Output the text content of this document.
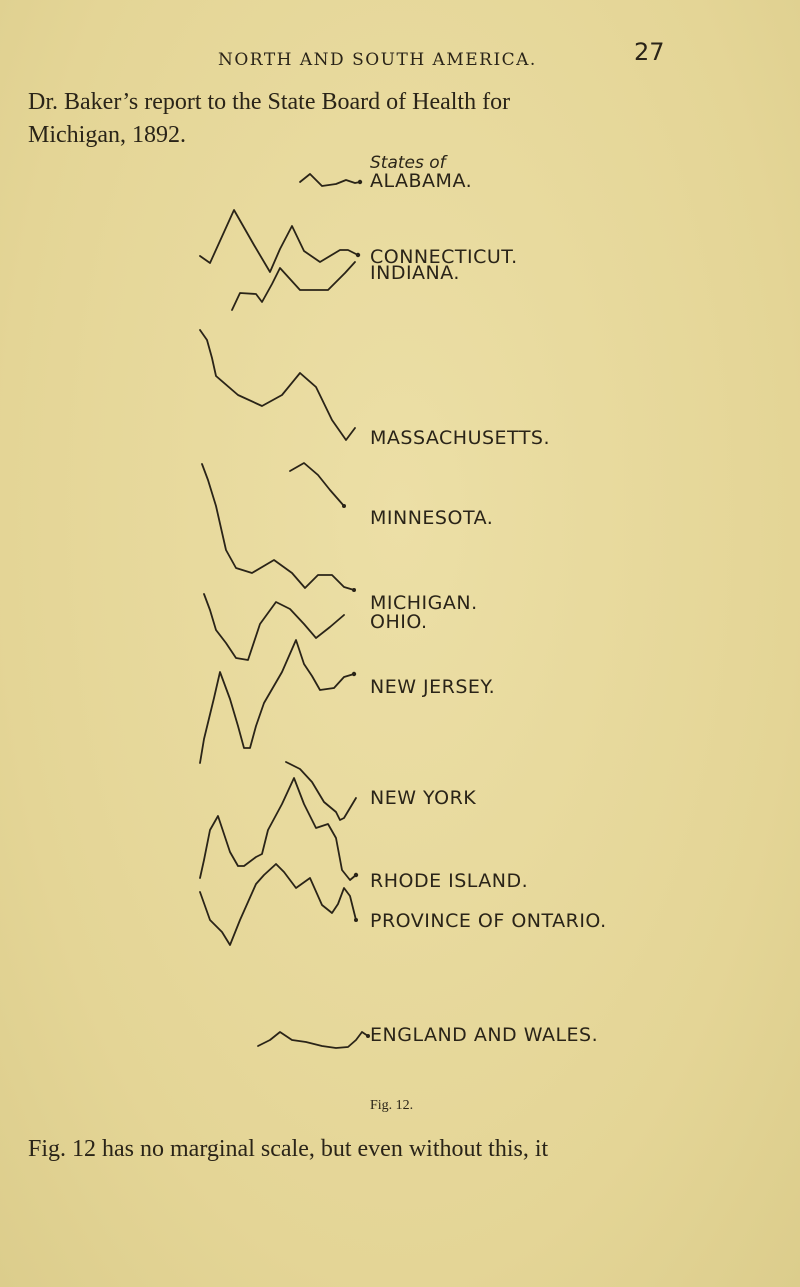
NORTH AND SOUTH AMERICA.	27
Dr. Baker’s report to the State Board of Health for
Michigan, 1892.
States of
ALABAMA.
CONNECTICUT.
INDIANA.
MASSACHUSETTS.
MINNESOTA.
MICHIGAN.
OHIO.
NEW JERSEY.
NEW YORK
RHODE ISLAND.
PROVINCE OF ONTARIO.
ENGLAND AND WALES.
Fig. 12.
Fig. 12 has no marginal scale, but even without this, it
